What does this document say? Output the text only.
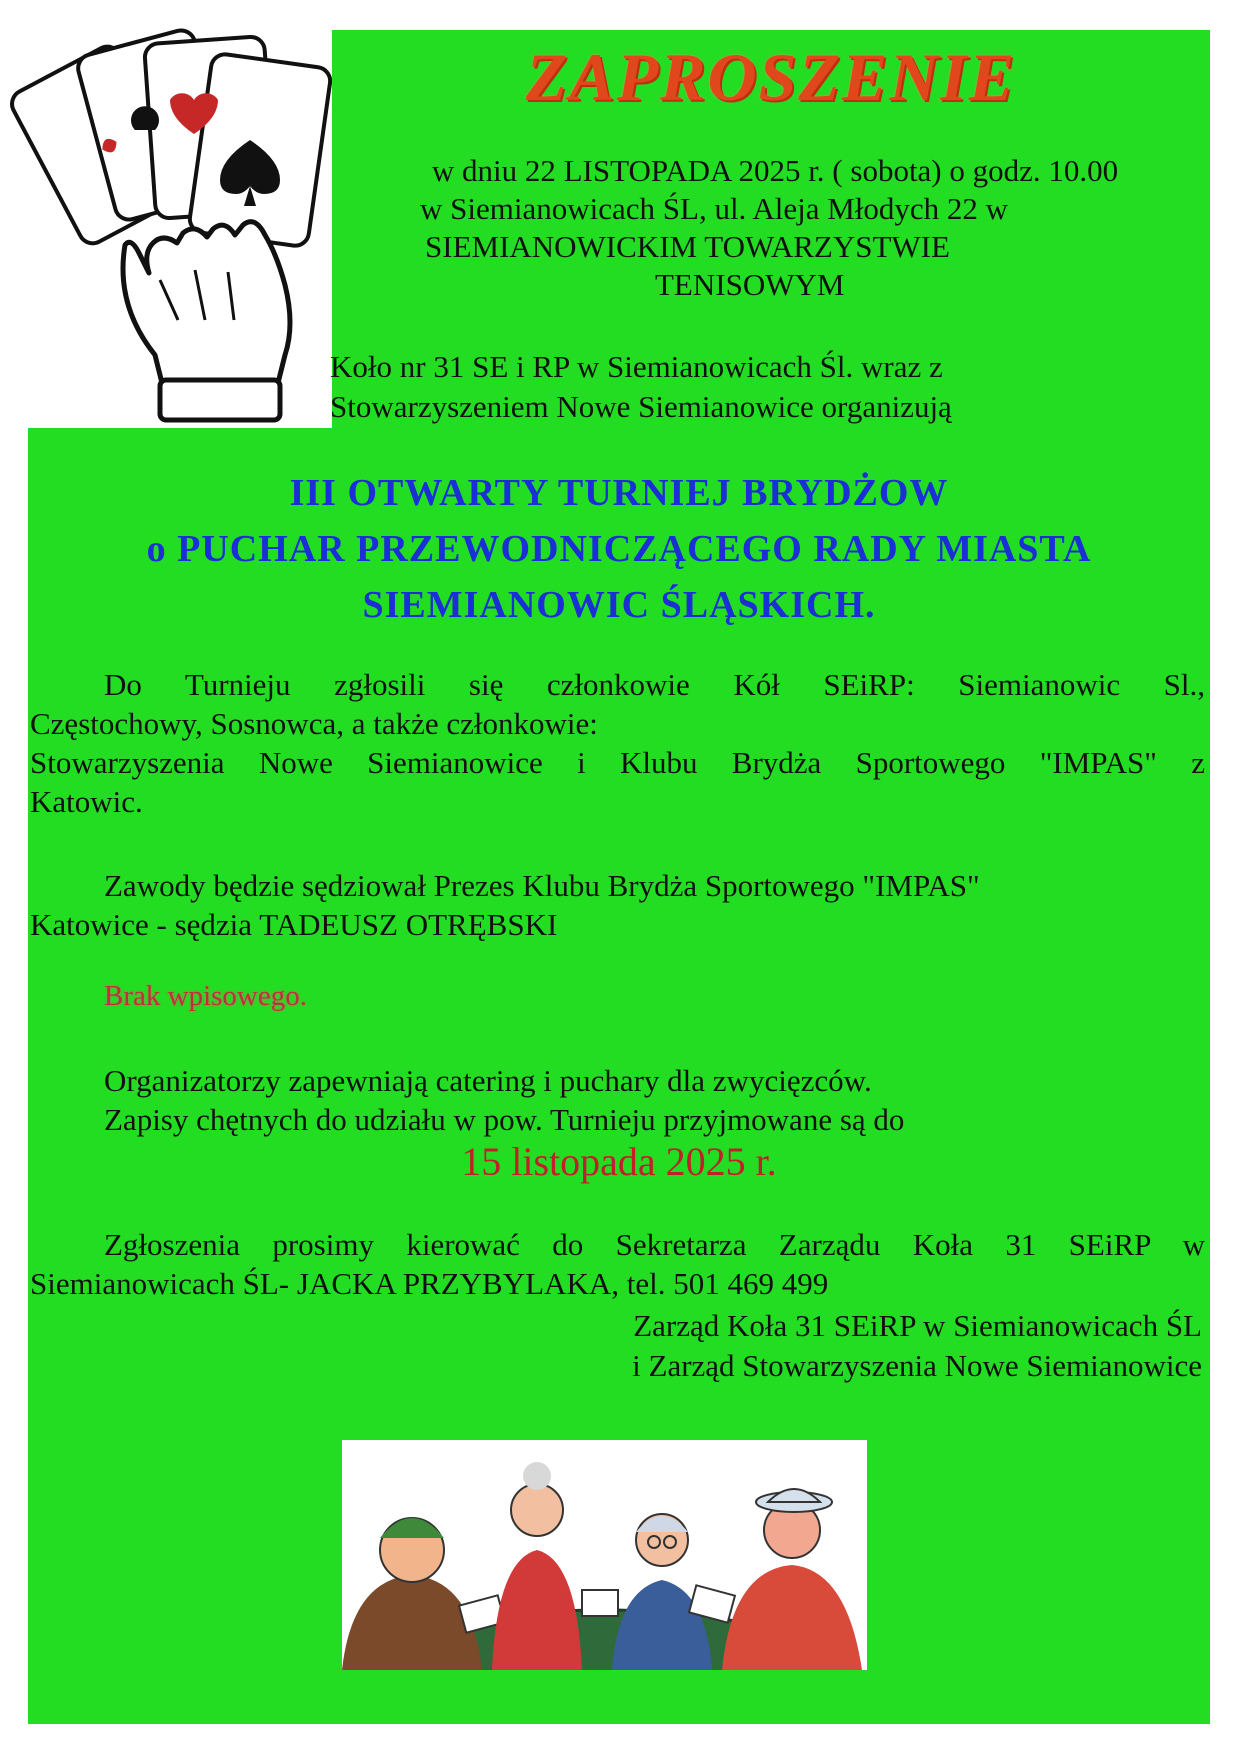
ZAPROSZENIE
w dniu 22 LISTOPADA 2025 r. ( sobota) o godz. 10.00
w Siemianowicach ŚL, ul. Aleja Młodych 22 w
SIEMIANOWICKIM TOWARZYSTWIE
TENISOWYM
Koło nr 31 SE i RP w Siemianowicach Śl. wraz z
Stowarzyszeniem Nowe Siemianowice organizują
III OTWARTY TURNIEJ BRYDŻOW
o PUCHAR PRZEWODNICZĄCEGO RADY MIASTA
SIEMIANOWIC ŚLĄSKICH.
Do Turnieju zgłosili się członkowie Kół SEiRP: Siemianowic Sl.,
Częstochowy, Sosnowca, a także członkowie:
Stowarzyszenia Nowe Siemianowice i Klubu Brydża Sportowego "IMPAS" z
Katowic.
Zawody będzie sędziował Prezes Klubu Brydża Sportowego "IMPAS"
Katowice - sędzia TADEUSZ OTRĘBSKI
Brak wpisowego.
Organizatorzy zapewniają catering i puchary dla zwycięzców.
Zapisy chętnych do udziału w pow. Turnieju przyjmowane są do
15 listopada 2025 r.
Zgłoszenia prosimy kierować do Sekretarza Zarządu Koła 31 SEiRP w
Siemianowicach ŚL- JACKA PRZYBYLAKA, tel. 501 469 499
Zarząd Koła 31 SEiRP w Siemianowicach ŚL
i Zarząd Stowarzyszenia Nowe Siemianowice
